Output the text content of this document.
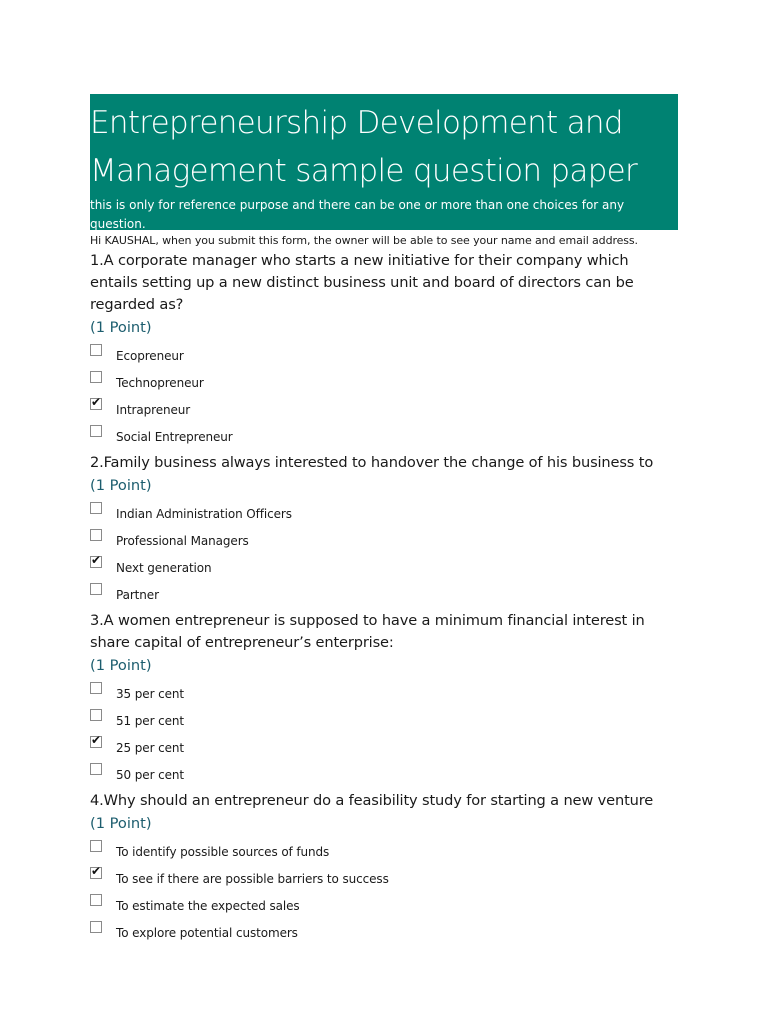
Entrepreneurship Development and
Management sample question paper
this is only for reference purpose and there can be one or more than one choices for any question.
Hi KAUSHAL, when you submit this form, the owner will be able to see your name and email address.
1.A corporate manager who starts a new initiative for their company which entails setting up a new distinct business unit and board of directors can be regarded as?
(1 Point)
Ecopreneur
Technopreneur
✔
Intrapreneur
Social Entrepreneur
2.Family business always interested to handover the change of his business to
(1 Point)
Indian Administration Officers
Professional Managers
✔
Next generation
Partner
3.A women entrepreneur is supposed to have a minimum financial interest in share capital of entrepreneur’s enterprise:
(1 Point)
35 per cent
51 per cent
✔
25 per cent
50 per cent
4.Why should an entrepreneur do a feasibility study for starting a new venture
(1 Point)
To identify possible sources of funds
✔
To see if there are possible barriers to success
To estimate the expected sales
To explore potential customers
